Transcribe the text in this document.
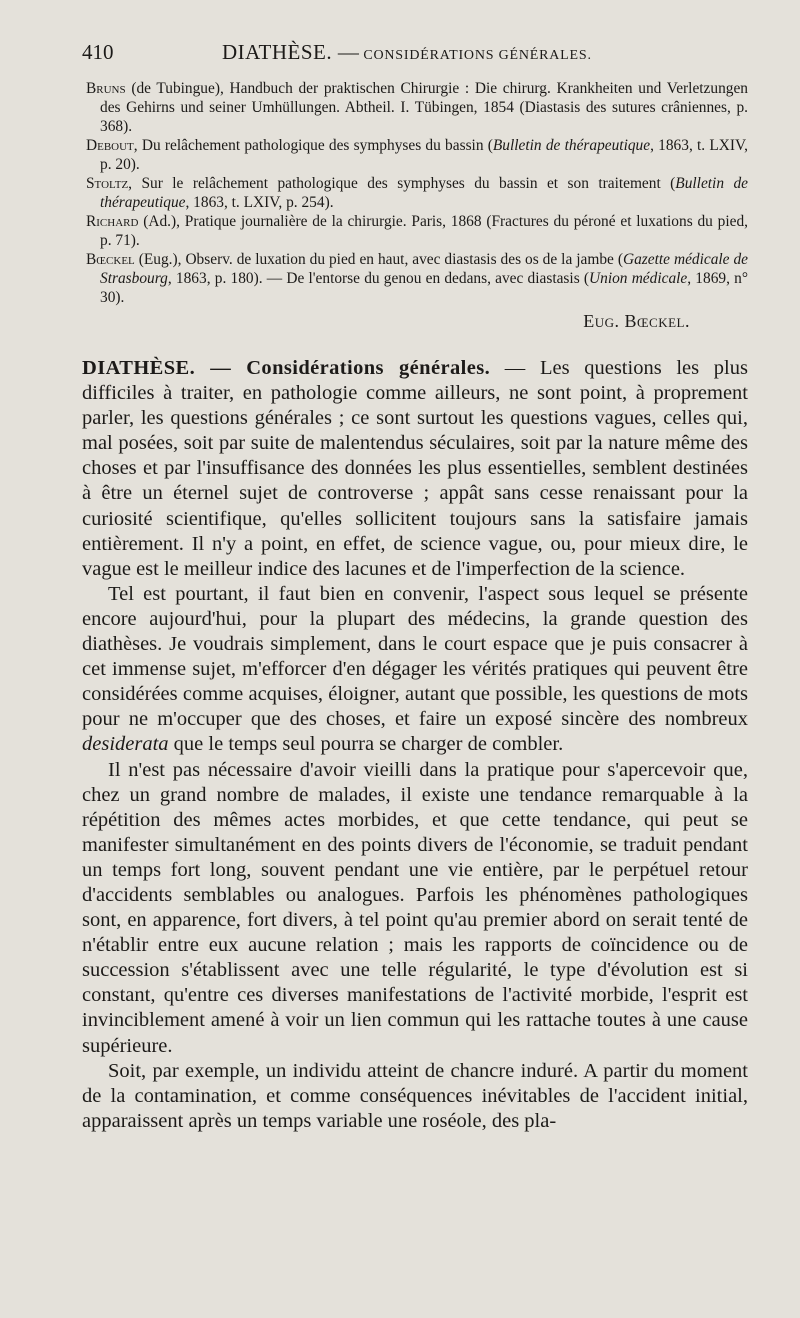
410	DIATHÈSE. — CONSIDÉRATIONS GÉNÉRALES.
Bruns (de Tubingue), Handbuch der praktischen Chirurgie : Die chirurg. Krankheiten und Verletzungen des Gehirns und seiner Umhüllungen. Abtheil. I. Tübingen, 1854 (Diastasis des sutures crâniennes, p. 368).
Debout, Du relâchement pathologique des symphyses du bassin (Bulletin de thérapeutique, 1863, t. LXIV, p. 20).
Stoltz, Sur le relâchement pathologique des symphyses du bassin et son traitement (Bulletin de thérapeutique, 1863, t. LXIV, p. 254).
Richard (Ad.), Pratique journalière de la chirurgie. Paris, 1868 (Fractures du péroné et luxations du pied, p. 71).
Bœckel (Eug.), Observ. de luxation du pied en haut, avec diastasis des os de la jambe (Gazette médicale de Strasbourg, 1863, p. 180). — De l'entorse du genou en dedans, avec diastasis (Union médicale, 1869, n° 30).
Eug. Bœckel.

DIATHÈSE. — Considérations générales. — Les questions les plus difficiles à traiter, en pathologie comme ailleurs, ne sont point, à proprement parler, les questions générales ; ce sont surtout les questions vagues, celles qui, mal posées, soit par suite de malentendus séculaires, soit par la nature même des choses et par l'insuffisance des données les plus essentielles, semblent destinées à être un éternel sujet de controverse ; appât sans cesse renaissant pour la curiosité scientifique, qu'elles sollicitent toujours sans la satisfaire jamais entièrement. Il n'y a point, en effet, de science vague, ou, pour mieux dire, le vague est le meilleur indice des lacunes et de l'imperfection de la science.

Tel est pourtant, il faut bien en convenir, l'aspect sous lequel se présente encore aujourd'hui, pour la plupart des médecins, la grande question des diathèses. Je voudrais simplement, dans le court espace que je puis consacrer à cet immense sujet, m'efforcer d'en dégager les vérités pratiques qui peuvent être considérées comme acquises, éloigner, autant que possible, les questions de mots pour ne m'occuper que des choses, et faire un exposé sincère des nombreux desiderata que le temps seul pourra se charger de combler.

Il n'est pas nécessaire d'avoir vieilli dans la pratique pour s'apercevoir que, chez un grand nombre de malades, il existe une tendance remarquable à la répétition des mêmes actes morbides, et que cette tendance, qui peut se manifester simultanément en des points divers de l'économie, se traduit pendant un temps fort long, souvent pendant une vie entière, par le perpétuel retour d'accidents semblables ou analogues. Parfois les phénomènes pathologiques sont, en apparence, fort divers, à tel point qu'au premier abord on serait tenté de n'établir entre eux aucune relation ; mais les rapports de coïncidence ou de succession s'établissent avec une telle régularité, le type d'évolution est si constant, qu'entre ces diverses manifestations de l'activité morbide, l'esprit est invinciblement amené à voir un lien commun qui les rattache toutes à une cause supérieure.

Soit, par exemple, un individu atteint de chancre induré. A partir du moment de la contamination, et comme conséquences inévitables de l'accident initial, apparaissent après un temps variable une roséole, des pla-
